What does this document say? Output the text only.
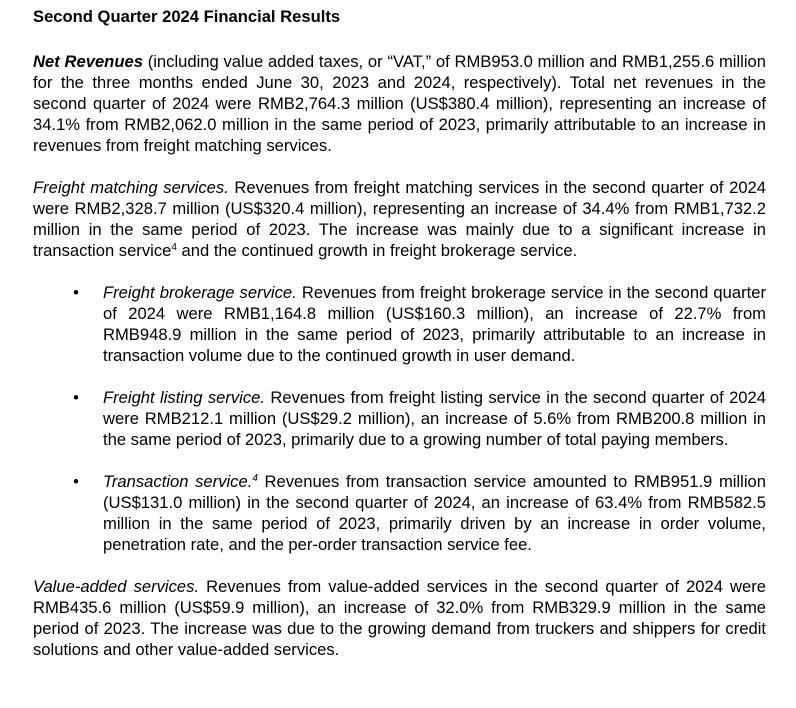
Second Quarter 2024 Financial Results

Net Revenues (including value added taxes, or “VAT,” of RMB953.0 million and RMB1,255.6 million for the three months ended June 30, 2023 and 2024, respectively). Total net revenues in the second quarter of 2024 were RMB2,764.3 million (US$380.4 million), representing an increase of 34.1% from RMB2,062.0 million in the same period of 2023, primarily attributable to an increase in revenues from freight matching services.

Freight matching services. Revenues from freight matching services in the second quarter of 2024 were RMB2,328.7 million (US$320.4 million), representing an increase of 34.4% from RMB1,732.2 million in the same period of 2023. The increase was mainly due to a significant increase in transaction service$^4$ and the continued growth in freight brokerage service.

• Freight brokerage service. Revenues from freight brokerage service in the second quarter of 2024 were RMB1,164.8 million (US$160.3 million), an increase of 22.7% from RMB948.9 million in the same period of 2023, primarily attributable to an increase in transaction volume due to the continued growth in user demand.

• Freight listing service. Revenues from freight listing service in the second quarter of 2024 were RMB212.1 million (US$29.2 million), an increase of 5.6% from RMB200.8 million in the same period of 2023, primarily due to a growing number of total paying members.

• Transaction service.$^4$ Revenues from transaction service amounted to RMB951.9 million (US$131.0 million) in the second quarter of 2024, an increase of 63.4% from RMB582.5 million in the same period of 2023, primarily driven by an increase in order volume, penetration rate, and the per-order transaction service fee.

Value-added services. Revenues from value-added services in the second quarter of 2024 were RMB435.6 million (US$59.9 million), an increase of 32.0% from RMB329.9 million in the same period of 2023. The increase was due to the growing demand from truckers and shippers for credit solutions and other value-added services.
